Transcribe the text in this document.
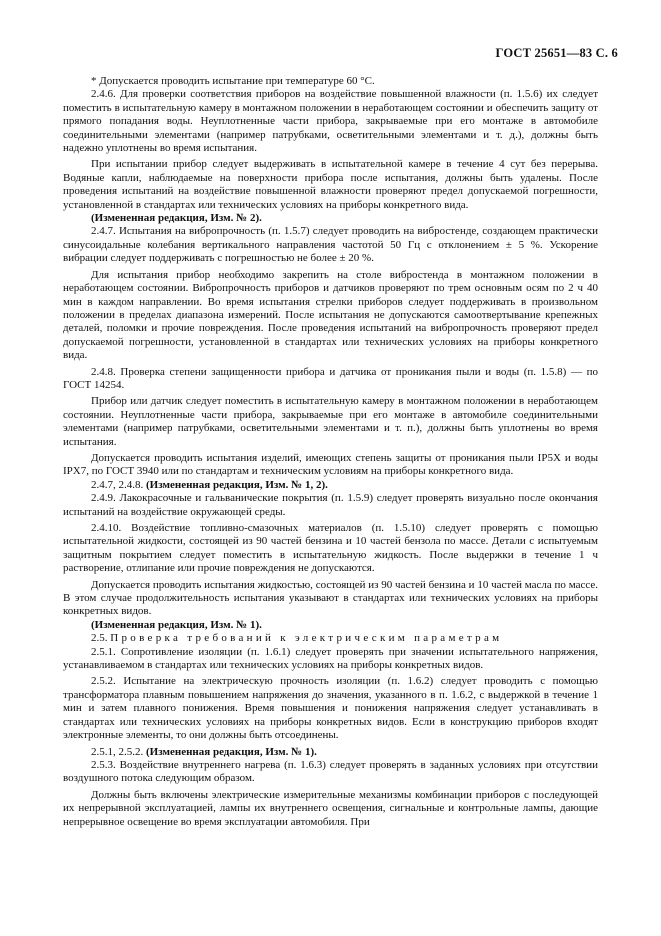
ГОСТ 25651—83 С. 6

* Допускается проводить испытание при температуре 60 °С.

2.4.6. Для проверки соответствия приборов на воздействие повышенной влажности (п. 1.5.6) их следует поместить в испытательную камеру в монтажном положении в неработающем состоянии и обеспечить защиту от прямого попадания воды. Неуплотненные части прибора, закрываемые при его монтаже в автомобиле соединительными элементами (например патрубками, осветительными элементами и т. д.), должны быть надежно уплотнены во время испытания.

При испытании прибор следует выдерживать в испытательной камере в течение 4 сут без перерыва. Водяные капли, наблюдаемые на поверхности прибора после испытания, должны быть удалены. После проведения испытаний на воздействие повышенной влажности проверяют предел допускаемой погрешности, установленной в стандартах или технических условиях на приборы конкретного вида.

(Измененная редакция, Изм. № 2).

2.4.7. Испытания на вибропрочность (п. 1.5.7) следует проводить на вибростенде, создающем практически синусоидальные колебания вертикального направления частотой 50 Гц с отклонением ± 5 %. Ускорение вибрации следует поддерживать с погрешностью не более ± 20 %.

Для испытания прибор необходимо закрепить на столе вибростенда в монтажном положении в неработающем состоянии. Вибропрочность приборов и датчиков проверяют по трем основным осям по 2 ч 40 мин в каждом направлении. Во время испытания стрелки приборов следует поддерживать в произвольном положении в пределах диапазона измерений. После испытания не допускаются самоотвертывание крепежных деталей, поломки и прочие повреждения. После проведения испытаний на вибропрочность проверяют предел допускаемой погрешности, установленной в стандартах или технических условиях на приборы конкретного вида.

2.4.8. Проверка степени защищенности прибора и датчика от проникания пыли и воды (п. 1.5.8) — по ГОСТ 14254.

Прибор или датчик следует поместить в испытательную камеру в монтажном положении в неработающем состоянии. Неуплотненные части прибора, закрываемые при его монтаже в автомобиле соединительными элементами (например патрубками, осветительными элементами и т. п.), должны быть уплотнены во время испытания.

Допускается проводить испытания изделий, имеющих степень защиты от проникания пыли IP5X и воды IPX7, по ГОСТ 3940 или по стандартам и техническим условиям на приборы конкретного вида.

2.4.7, 2.4.8. (Измененная редакция, Изм. № 1, 2).

2.4.9. Лакокрасочные и гальванические покрытия (п. 1.5.9) следует проверять визуально после окончания испытаний на воздействие окружающей среды.

2.4.10. Воздействие топливно-смазочных материалов (п. 1.5.10) следует проверять с помощью испытательной жидкости, состоящей из 90 частей бензина и 10 частей бензола по массе. Детали с испытуемым защитным покрытием следует поместить в испытательную жидкость. После выдержки в течение 1 ч растворение, отлипание или прочие повреждения не допускаются.

Допускается проводить испытания жидкостью, состоящей из 90 частей бензина и 10 частей масла по массе. В этом случае продолжительность испытания указывают в стандартах или технических условиях на приборы конкретных видов.

(Измененная редакция, Изм. № 1).

2.5. Проверка требований к электрическим параметрам

2.5.1. Сопротивление изоляции (п. 1.6.1) следует проверять при значении испытательного напряжения, устанавливаемом в стандартах или технических условиях на приборы конкретных видов.

2.5.2. Испытание на электрическую прочность изоляции (п. 1.6.2) следует проводить с помощью трансформатора плавным повышением напряжения до значения, указанного в п. 1.6.2, с выдержкой в течение 1 мин и затем плавного понижения. Время повышения и понижения напряжения следует устанавливать в стандартах или технических условиях на приборы конкретных видов. Если в конструкцию приборов входят электронные элементы, то они должны быть отсоединены.

2.5.1, 2.5.2. (Измененная редакция, Изм. № 1).

2.5.3. Воздействие внутреннего нагрева (п. 1.6.3) следует проверять в заданных условиях при отсутствии воздушного потока следующим образом.

Должны быть включены электрические измерительные механизмы комбинации приборов с последующей их непрерывной эксплуатацией, лампы их внутреннего освещения, сигнальные и контрольные лампы, дающие непрерывное освещение во время эксплуатации автомобиля. При
